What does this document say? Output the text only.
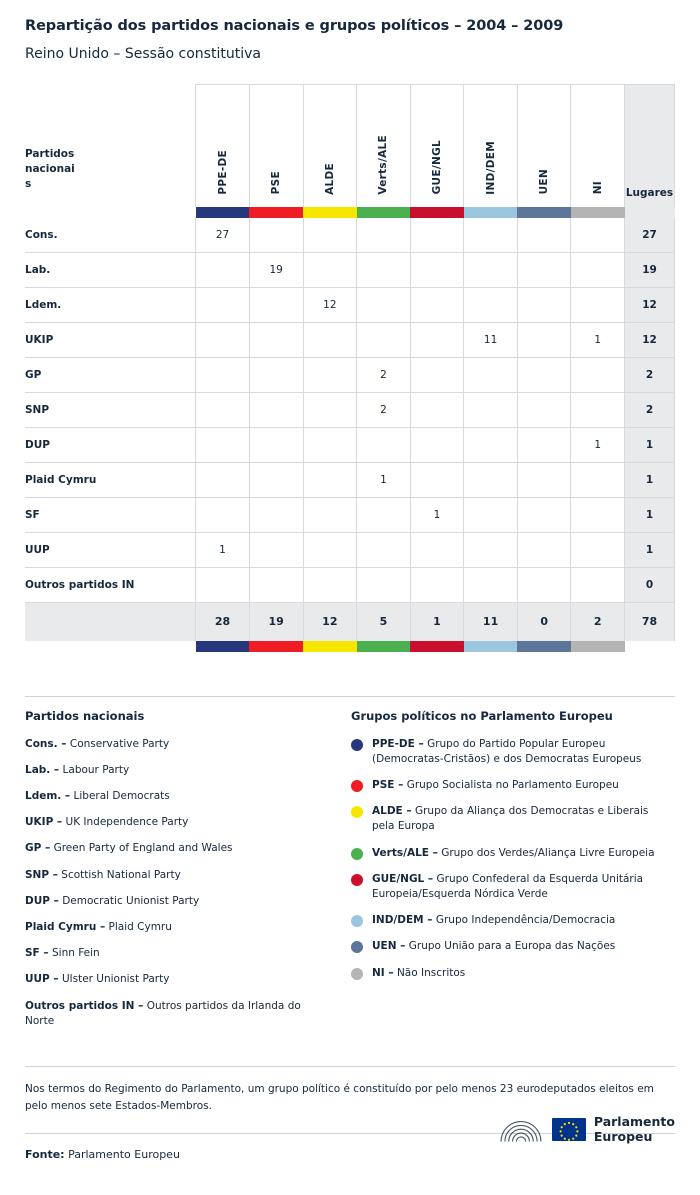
Repartição dos partidos nacionais e grupos políticos – 2004 – 2009
Reino Unido – Sessão constitutiva
Partidos
nacionai
s	PPE-DE	PSE	ALDE	Verts/ALE	GUE/NGL	IND/DEM	UEN	NI	Lugares

Cons.	27								27
Lab.		19							19
Ldem.			12						12
UKIP						11		1	12
GP				2					2
SNP				2					2
DUP								1	1
Plaid Cymru				1					1
SF					1				1
UUP	1								1
Outros partidos IN									0
	28	19	12	5	1	11	0	2	78

Partidos nacionais
Cons. – Conservative Party
Lab. – Labour Party
Ldem. – Liberal Democrats
UKIP – UK Independence Party
GP – Green Party of England and Wales
SNP – Scottish National Party
DUP – Democratic Unionist Party
Plaid Cymru – Plaid Cymru
SF – Sinn Fein
UUP – Ulster Unionist Party
Outros partidos IN – Outros partidos da Irlanda do Norte
Grupos políticos no Parlamento Europeu
PPE-DE – Grupo do Partido Popular Europeu (Democratas-Cristãos) e dos Democratas Europeus
PSE – Grupo Socialista no Parlamento Europeu
ALDE – Grupo da Aliança dos Democratas e Liberais pela Europa
Verts/ALE – Grupo dos Verdes/Aliança Livre Europeia
GUE/NGL – Grupo Confederal da Esquerda Unitária Europeia/Esquerda Nórdica Verde
IND/DEM – Grupo Independência/Democracia
UEN – Grupo União para a Europa das Nações
NI – Não Inscritos
Nos termos do Regimento do Parlamento, um grupo político é constituído por pelo menos 23 eurodeputados eleitos em pelo menos sete Estados-Membros.
Fonte: Parlamento Europeu
Parlamento
Europeu
